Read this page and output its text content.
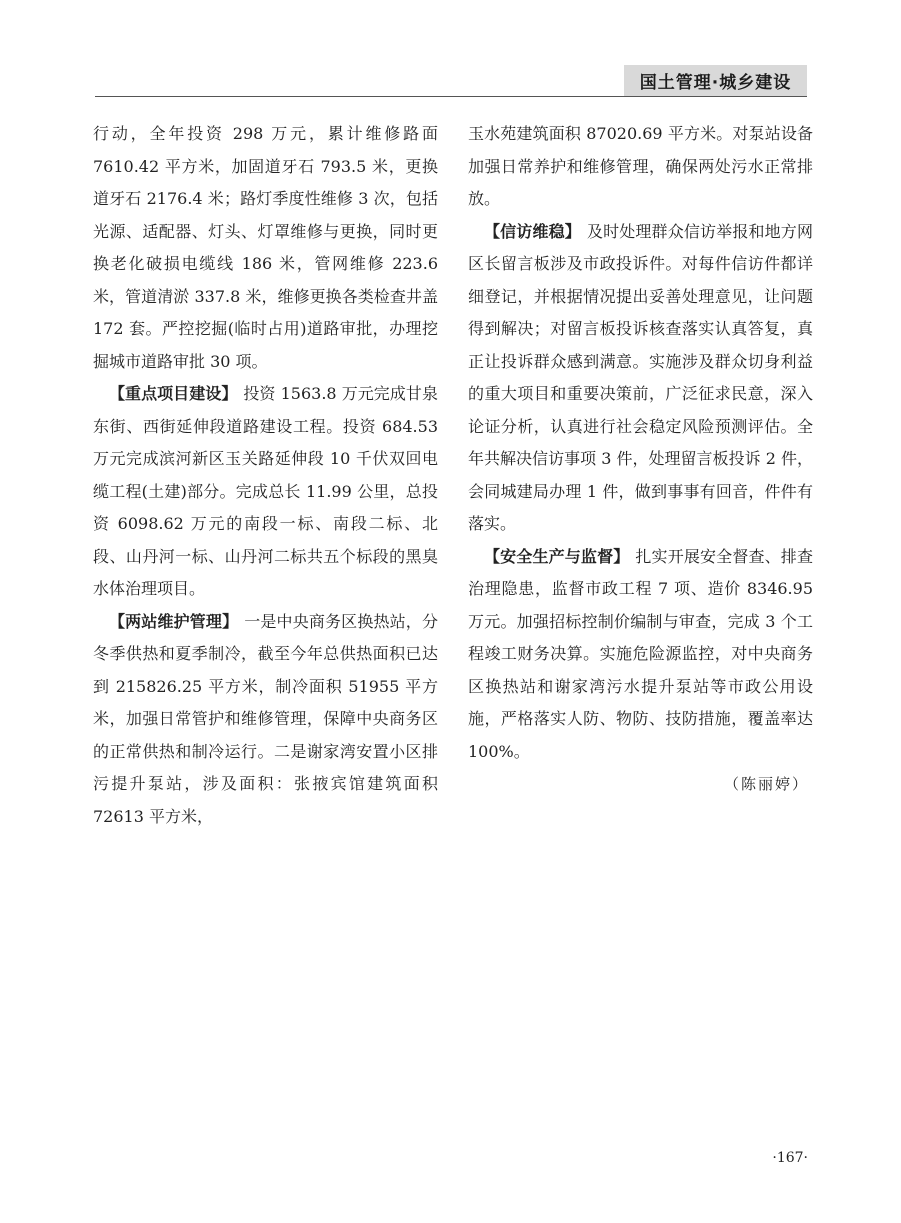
国土管理·城乡建设

行动，全年投资 298 万元，累计维修路面 7610.42 平方米，加固道牙石 793.5 米，更换道牙石 2176.4 米；路灯季度性维修 3 次，包括光源、适配器、灯头、灯罩维修与更换，同时更换老化破损电缆线 186 米，管网维修 223.6 米，管道清淤 337.8 米，维修更换各类检查井盖 172 套。严控挖掘(临时占用)道路审批，办理挖掘城市道路审批 30 项。

【 重点项目建设 】 投资 1563.8 万元完成甘泉东街、西街延伸段道路建设工程。投资 684.53 万元完成滨河新区玉关路延伸段 10 千伏双回电缆工程(土建)部分。完成总长 11.99 公里，总投资 6098.62 万元的南段一标、南段二标、北段、山丹河一标、山丹河二标共五个标段的黑臭水体治理项目。

【 两站维护管理 】 一是中央商务区换热站，分冬季供热和夏季制冷，截至今年总供热面积已达到 215826.25 平方米，制冷面积 51955 平方米，加强日常管护和维修管理，保障中央商务区的正常供热和制冷运行。二是谢家湾安置小区排污提升泵站，涉及面积：张掖宾馆建筑面积 72613 平方米，

玉水苑建筑面积 87020.69 平方米。对泵站设备加强日常养护和维修管理，确保两处污水正常排放。

【 信访维稳 】 及时处理群众信访举报和地方网区长留言板涉及市政投诉件。对每件信访件都详细登记，并根据情况提出妥善处理意见，让问题得到解决；对留言板投诉核查落实认真答复，真正让投诉群众感到满意。实施涉及群众切身利益的重大项目和重要决策前，广泛征求民意，深入论证分析，认真进行社会稳定风险预测评估。全年共解决信访事项 3 件，处理留言板投诉 2 件，会同城建局办理 1 件，做到事事有回音，件件有落实。

【 安全生产与监督 】 扎实开展安全督查、排查治理隐患，监督市政工程 7 项、造价 8346.95 万元。加强招标控制价编制与审查，完成 3 个工程竣工财务决算。实施危险源监控，对中央商务区换热站和谢家湾污水提升泵站等市政公用设施，严格落实人防、物防、技防措施，覆盖率达 100%。

（ 陈丽婷 ）

· 167 ·
